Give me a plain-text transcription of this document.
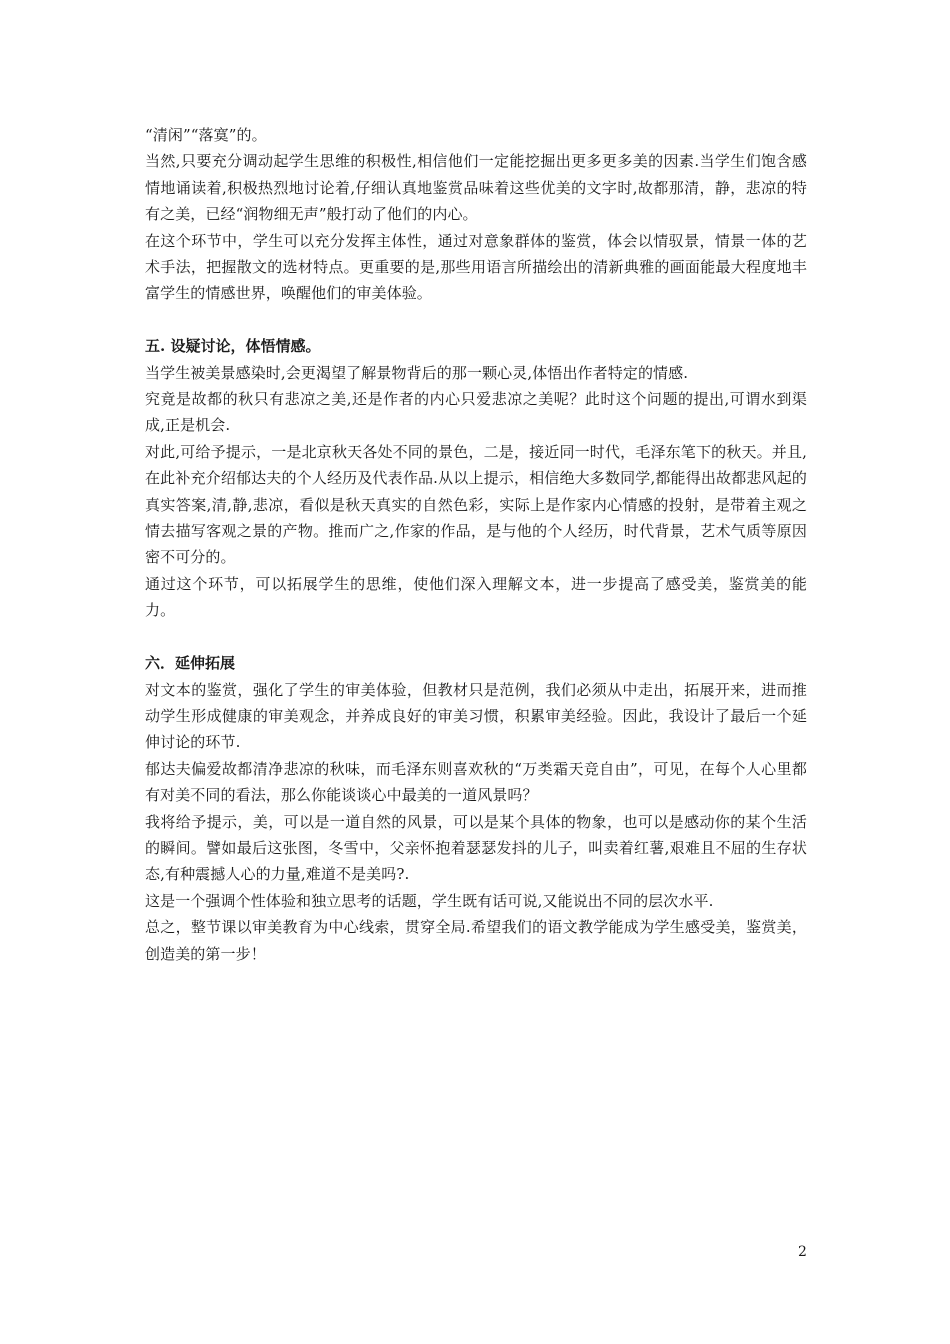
“清闲”“落寞”的。

当然,只要充分调动起学生思维的积极性,相信他们一定能挖掘出更多更多美的因素.当学生们饱含感情地诵读着,积极热烈地讨论着,仔细认真地鉴赏品味着这些优美的文字时,故都那清，静，悲凉的特有之美，已经“润物细无声”般打动了他们的内心。

在这个环节中，学生可以充分发挥主体性，通过对意象群体的鉴赏，体会以情驭景，情景一体的艺术手法，把握散文的选材特点。更重要的是,那些用语言所描绘出的清新典雅的画面能最大程度地丰富学生的情感世界，唤醒他们的审美体验。

五. 设疑讨论，体悟情感。

当学生被美景感染时,会更渴望了解景物背后的那一颗心灵,体悟出作者特定的情感.

究竟是故都的秋只有悲凉之美,还是作者的内心只爱悲凉之美呢？此时这个问题的提出,可谓水到渠成,正是机会.

对此,可给予提示，一是北京秋天各处不同的景色，二是，接近同一时代，毛泽东笔下的秋天。并且,在此补充介绍郁达夫的个人经历及代表作品.从以上提示，相信绝大多数同学,都能得出故都悲风起的真实答案,清,静,悲凉，看似是秋天真实的自然色彩，实际上是作家内心情感的投射，是带着主观之情去描写客观之景的产物。推而广之,作家的作品，是与他的个人经历，时代背景，艺术气质等原因密不可分的。

通过这个环节，可以拓展学生的思维，使他们深入理解文本，进一步提高了感受美，鉴赏美的能力。

六．延伸拓展

对文本的鉴赏，强化了学生的审美体验，但教材只是范例，我们必须从中走出，拓展开来，进而推动学生形成健康的审美观念，并养成良好的审美习惯，积累审美经验。因此，我设计了最后一个延伸讨论的环节.

郁达夫偏爱故都清净悲凉的秋味，而毛泽东则喜欢秋的“万类霜天竞自由”，可见，在每个人心里都有对美不同的看法，那么你能谈谈心中最美的一道风景吗？

我将给予提示，美，可以是一道自然的风景，可以是某个具体的物象，也可以是感动你的某个生活的瞬间。譬如最后这张图，冬雪中，父亲怀抱着瑟瑟发抖的儿子，叫卖着红薯,艰难且不屈的生存状态,有种震撼人心的力量,难道不是美吗?.

这是一个强调个性体验和独立思考的话题，学生既有话可说,又能说出不同的层次水平.

总之，整节课以审美教育为中心线索，贯穿全局.希望我们的语文教学能成为学生感受美，鉴赏美，创造美的第一步！

2
